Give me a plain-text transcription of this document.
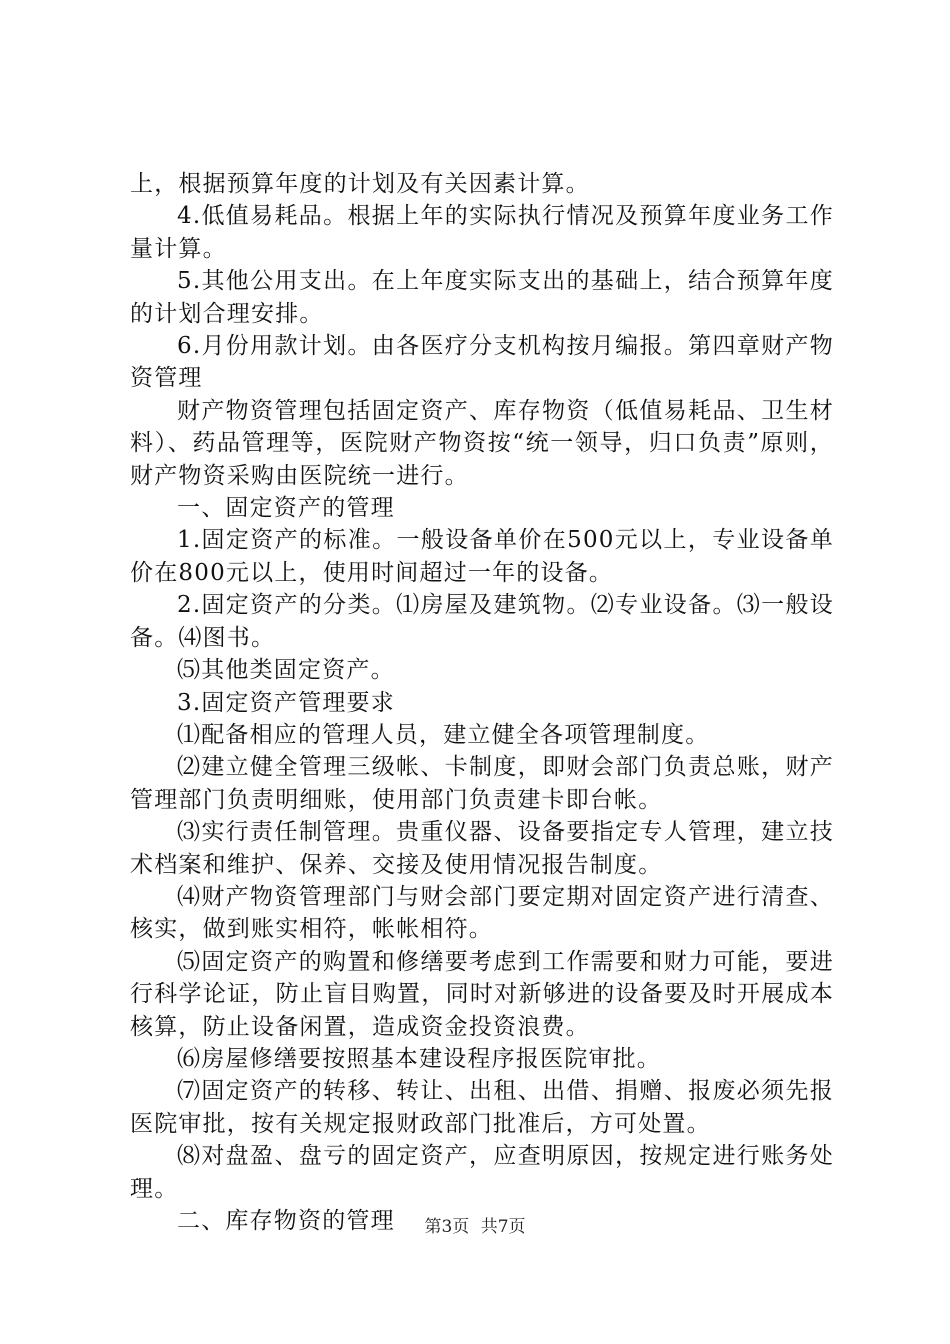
上，根据预算年度的计划及有关因素计算。

4.低值易耗品。根据上年的实际执行情况及预算年度业务工作量计算。

5.其他公用支出。在上年度实际支出的基础上，结合预算年度的计划合理安排。

6.月份用款计划。由各医疗分支机构按月编报。第四章财产物资管理

财产物资管理包括固定资产、库存物资（低值易耗品、卫生材料）、药品管理等，医院财产物资按“统一领导，归口负责”原则，财产物资采购由医院统一进行。

一、固定资产的管理

1.固定资产的标准。一般设备单价在500元以上，专业设备单价在800元以上，使用时间超过一年的设备。

2.固定资产的分类。⑴房屋及建筑物。⑵专业设备。⑶一般设备。⑷图书。

⑸其他类固定资产。

3.固定资产管理要求

⑴配备相应的管理人员，建立健全各项管理制度。

⑵建立健全管理三级帐、卡制度，即财会部门负责总账，财产管理部门负责明细账，使用部门负责建卡即台帐。

⑶实行责任制管理。贵重仪器、设备要指定专人管理，建立技术档案和维护、保养、交接及使用情况报告制度。

⑷财产物资管理部门与财会部门要定期对固定资产进行清查、核实，做到账实相符，帐帐相符。

⑸固定资产的购置和修缮要考虑到工作需要和财力可能，要进行科学论证，防止盲目购置，同时对新够进的设备要及时开展成本核算，防止设备闲置，造成资金投资浪费。

⑹房屋修缮要按照基本建设程序报医院审批。

⑺固定资产的转移、转让、出租、出借、捐赠、报废必须先报医院审批，按有关规定报财政部门批准后，方可处置。

⑻对盘盈、盘亏的固定资产，应查明原因，按规定进行账务处理。

二、库存物资的管理	第3页 共7页
